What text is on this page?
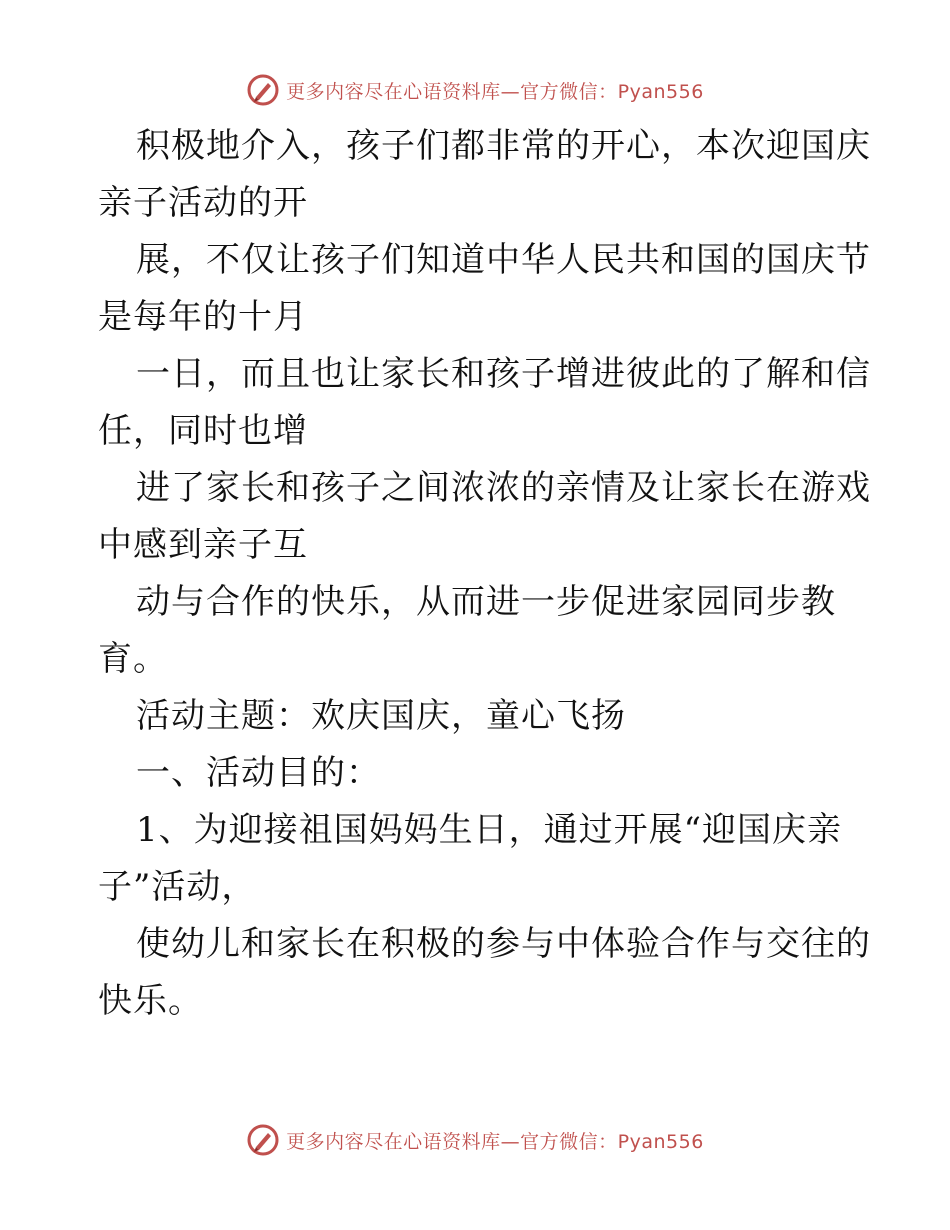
更多内容尽在心语资料库—官方微信：Pyan556
积极地介入，孩子们都非常的开心，本次迎国庆
亲子活动的开
展，不仅让孩子们知道中华人民共和国的国庆节
是每年的十月
一日，而且也让家长和孩子增进彼此的了解和信
任，同时也增
进了家长和孩子之间浓浓的亲情及让家长在游戏
中感到亲子互
动与合作的快乐，从而进一步促进家园同步教
育。
活动主题：欢庆国庆，童心飞扬
一、活动目的：
1、为迎接祖国妈妈生日，通过开展“迎国庆亲
子”活动，
使幼儿和家长在积极的参与中体验合作与交往的
快乐。
更多内容尽在心语资料库—官方微信：Pyan556
